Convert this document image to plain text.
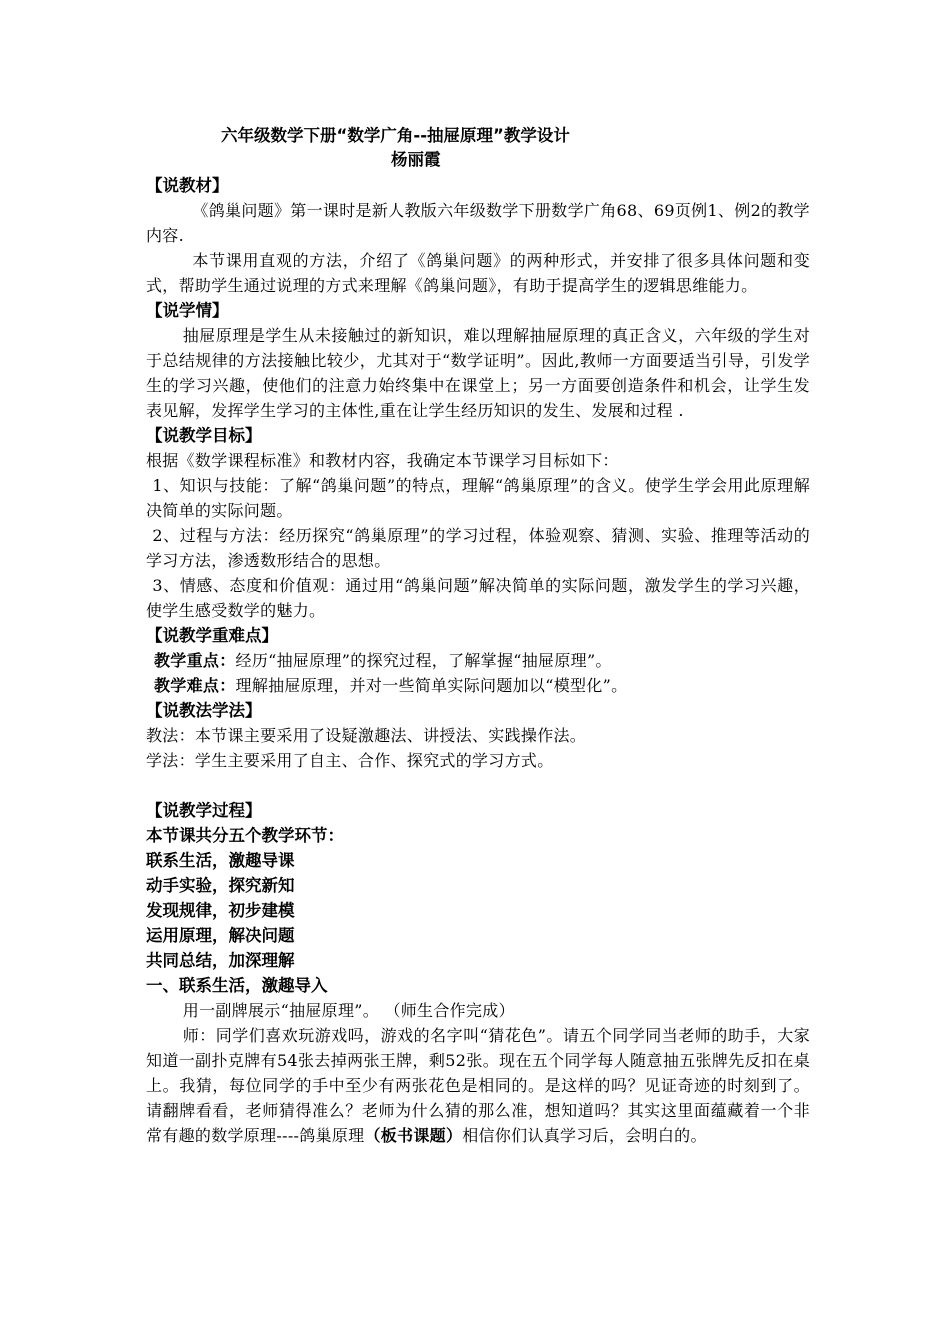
六年级数学下册“数学广角--抽屉原理”教学设计
杨丽霞
【说教材】
《鸽巢问题》第一课时是新人教版六年级数学下册数学广角68、69页例1、例2的教学内容.
本节课用直观的方法，介绍了《鸽巢问题》的两种形式，并安排了很多具体问题和变式，帮助学生通过说理的方式来理解《鸽巢问题》，有助于提高学生的逻辑思维能力。
【说学情】
抽屉原理是学生从未接触过的新知识，难以理解抽屉原理的真正含义，六年级的学生对于总结规律的方法接触比较少，尤其对于“数学证明”。因此,教师一方面要适当引导，引发学生的学习兴趣，使他们的注意力始终集中在课堂上；另一方面要创造条件和机会，让学生发表见解，发挥学生学习的主体性,重在让学生经历知识的发生、发展和过程 .
【说教学目标】
根据《数学课程标准》和教材内容，我确定本节课学习目标如下：
1、知识与技能：了解“鸽巢问题”的特点，理解“鸽巢原理”的含义。使学生学会用此原理解决简单的实际问题。
2、过程与方法：经历探究“鸽巢原理”的学习过程，体验观察、猜测、实验、推理等活动的学习方法，渗透数形结合的思想。
3、情感、态度和价值观：通过用“鸽巢问题”解决简单的实际问题，激发学生的学习兴趣，使学生感受数学的魅力。
【说教学重难点】
教学重点：经历“抽屉原理”的探究过程，了解掌握“抽屉原理”。
教学难点：理解抽屉原理，并对一些简单实际问题加以“模型化”。
【说教法学法】
教法：本节课主要采用了设疑激趣法、讲授法、实践操作法。
学法：学生主要采用了自主、合作、探究式的学习方式。
【说教学过程】
本节课共分五个教学环节：
联系生活，激趣导课
动手实验，探究新知
发现规律，初步建模
运用原理，解决问题
共同总结，加深理解
一、联系生活，激趣导入
用一副牌展示“抽屉原理”。 （师生合作完成）
师：同学们喜欢玩游戏吗，游戏的名字叫“猜花色”。请五个同学同当老师的助手，大家知道一副扑克牌有54张去掉两张王牌，剩52张。现在五个同学每人随意抽五张牌先反扣在桌上。我猜，每位同学的手中至少有两张花色是相同的。是这样的吗？见证奇迹的时刻到了。请翻牌看看，老师猜得准么？老师为什么猜的那么准，想知道吗？其实这里面蕴藏着一个非常有趣的数学原理----鸽巢原理（板书课题）相信你们认真学习后，会明白的。
